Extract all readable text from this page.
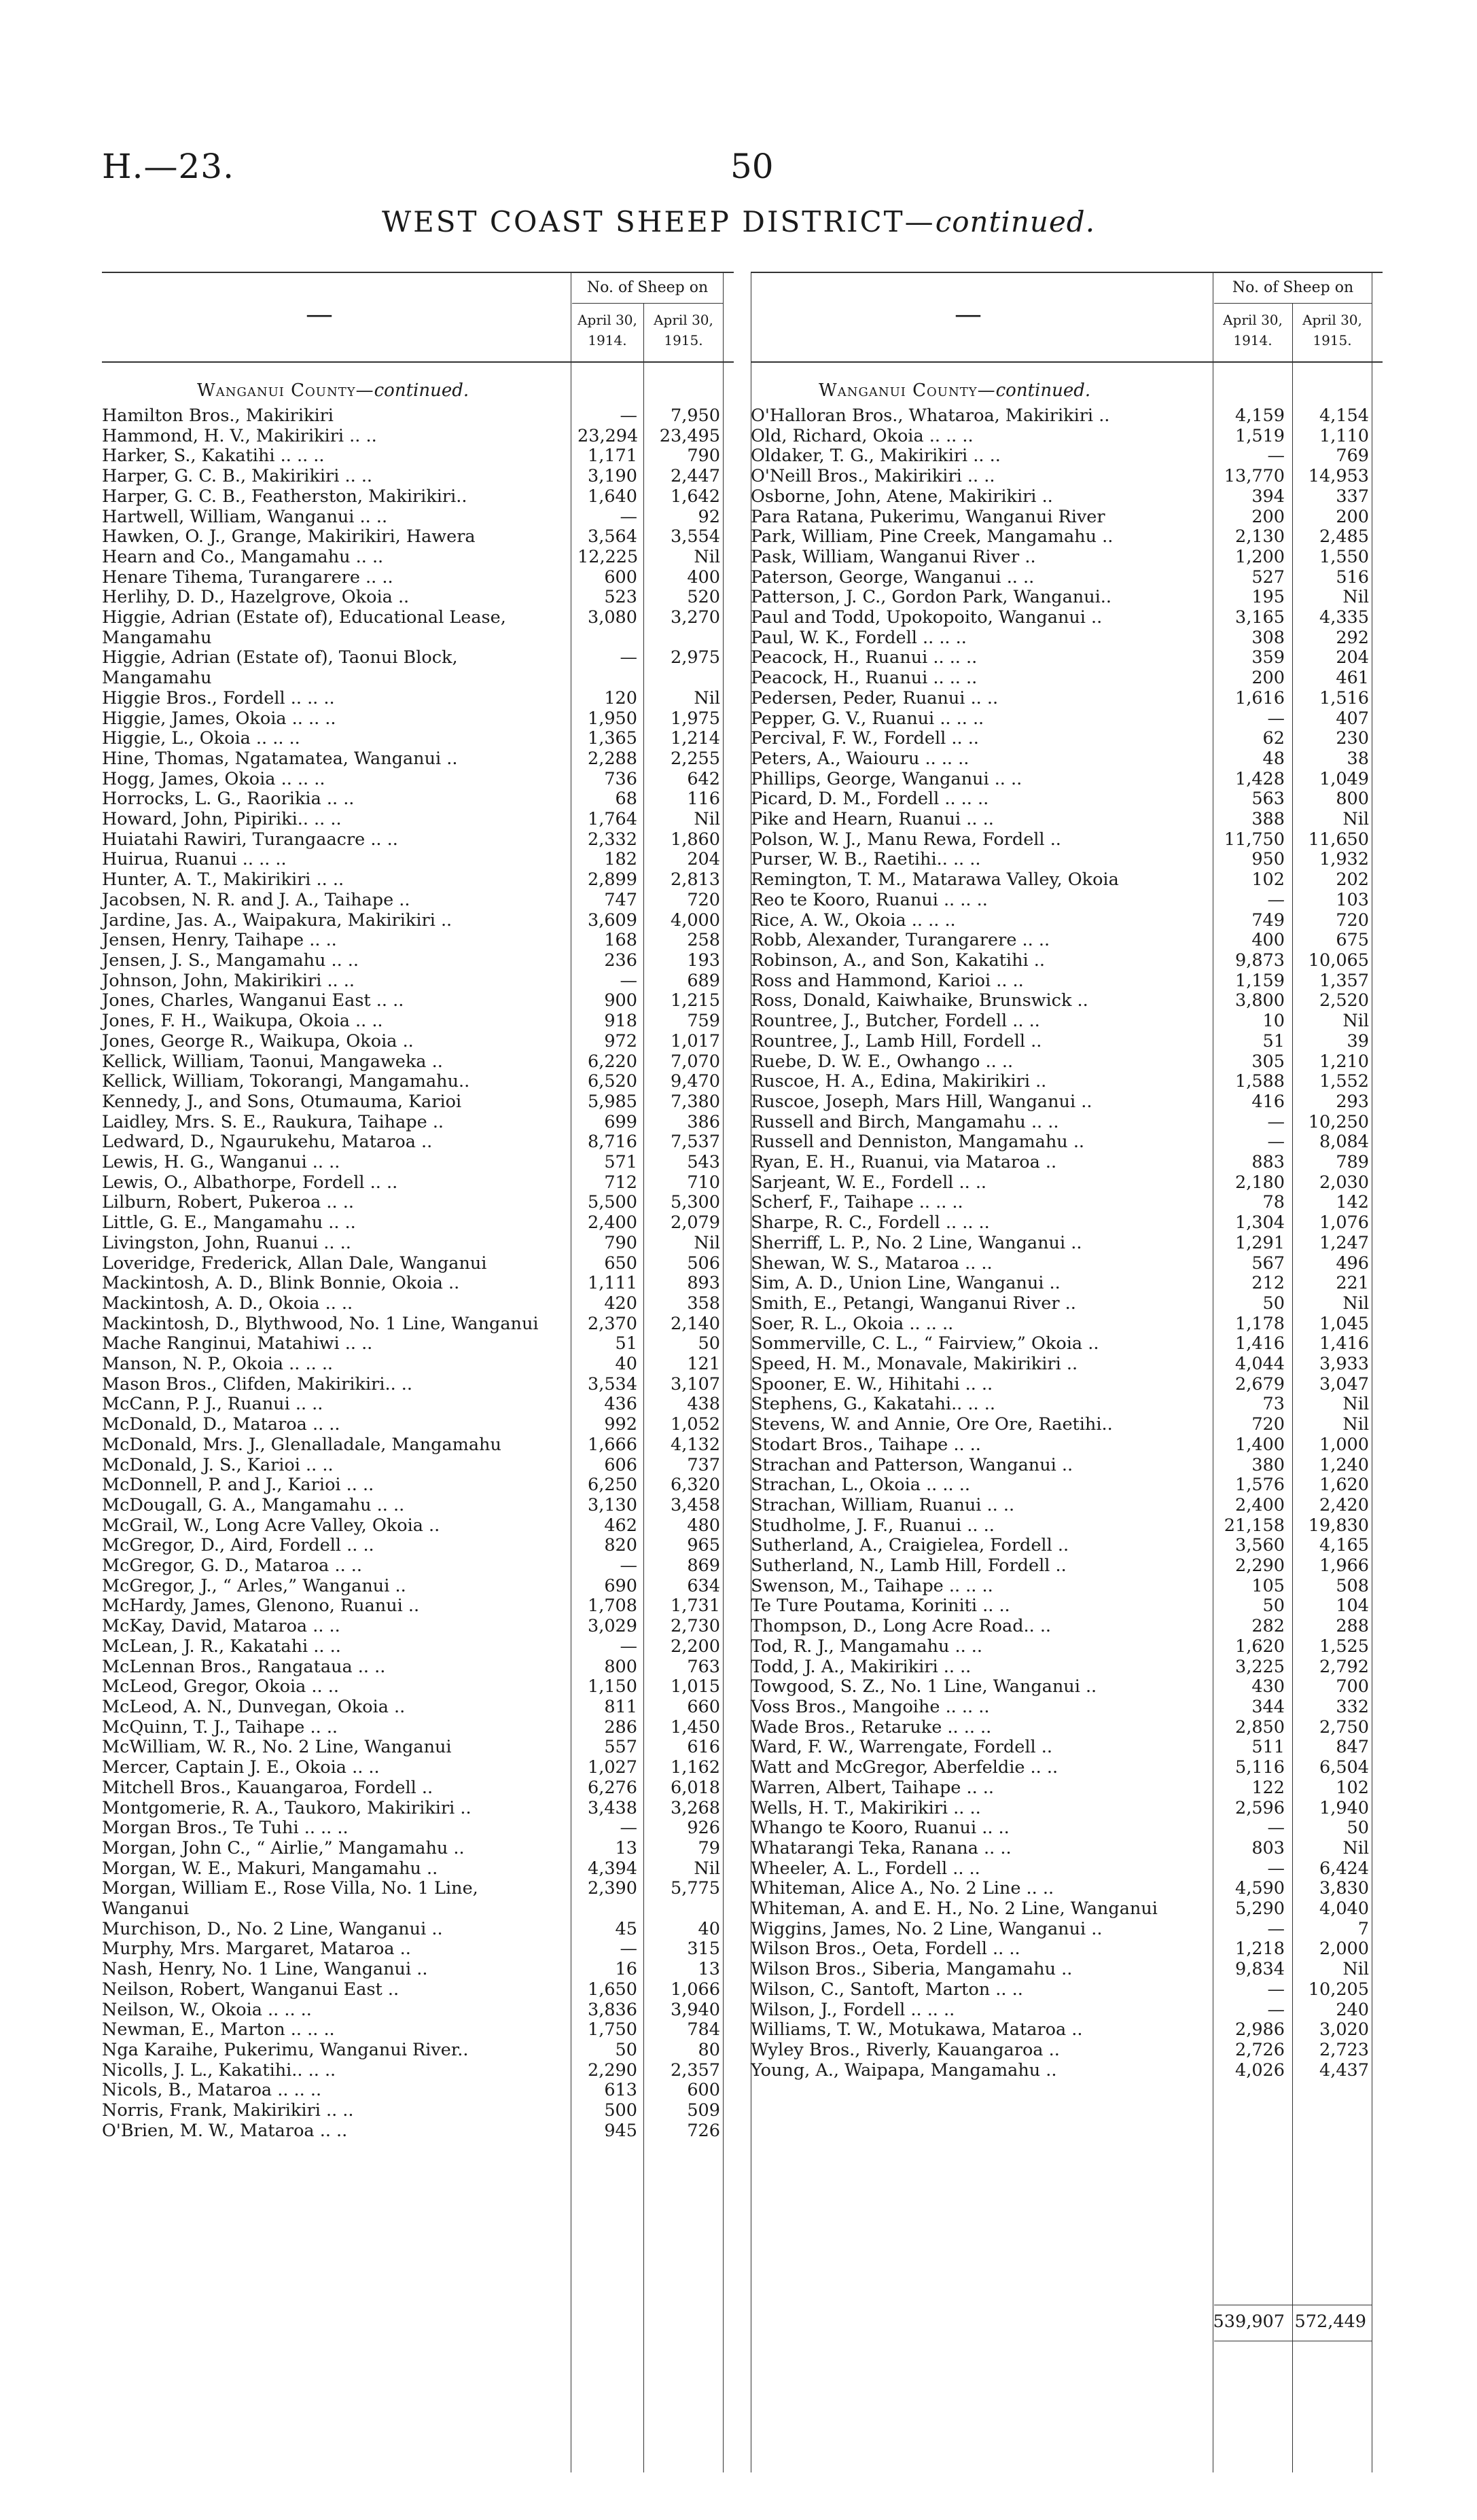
H.—23.	50
WEST COAST SHEEP DISTRICT—continued.
—
No. of Sheep on
April 30, 1914.
April 30, 1915.
Wanganui County—continued.
Hamilton Bros., Makirikiri	—	7,950
Hammond, H. V., Makirikiri .. ..	23,294	23,495
Harker, S., Kakatihi .. .. ..	1,171	790
Harper, G. C. B., Makirikiri .. ..	3,190	2,447
Harper, G. C. B., Featherston, Makirikiri..	1,640	1,642
Hartwell, William, Wanganui .. ..	—	92
Hawken, O. J., Grange, Makirikiri, Hawera	3,564	3,554
Hearn and Co., Mangamahu .. ..	12,225	Nil
Henare Tihema, Turangarere .. ..	600	400
Herlihy, D. D., Hazelgrove, Okoia ..	523	520
Higgie, Adrian (Estate of), Educational Lease, Mangamahu
3,080	3,270
Higgie, Adrian (Estate of), Taonui Block, Mangamahu
—	2,975
Higgie Bros., Fordell .. .. ..	120	Nil
Higgie, James, Okoia .. .. ..	1,950	1,975
Higgie, L., Okoia .. .. ..	1,365	1,214
Hine, Thomas, Ngatamatea, Wanganui ..	2,288	2,255
Hogg, James, Okoia .. .. ..	736	642
Horrocks, L. G., Raorikia .. ..	68	116
Howard, John, Pipiriki.. .. ..	1,764	Nil
Huiatahi Rawiri, Turangaacre .. ..	2,332	1,860
Huirua, Ruanui .. .. ..	182	204
Hunter, A. T., Makirikiri .. ..	2,899	2,813
Jacobsen, N. R. and J. A., Taihape ..	747	720
Jardine, Jas. A., Waipakura, Makirikiri ..	3,609	4,000
Jensen, Henry, Taihape .. ..	168	258
Jensen, J. S., Mangamahu .. ..	236	193
Johnson, John, Makirikiri .. ..	—	689
Jones, Charles, Wanganui East .. ..	900	1,215
Jones, F. H., Waikupa, Okoia .. ..	918	759
Jones, George R., Waikupa, Okoia ..	972	1,017
Kellick, William, Taonui, Mangaweka ..	6,220	7,070
Kellick, William, Tokorangi, Mangamahu..	6,520	9,470
Kennedy, J., and Sons, Otumauma, Karioi	5,985	7,380
Laidley, Mrs. S. E., Raukura, Taihape ..	699	386
Ledward, D., Ngaurukehu, Mataroa ..	8,716	7,537
Lewis, H. G., Wanganui .. ..	571	543
Lewis, O., Albathorpe, Fordell .. ..	712	710
Lilburn, Robert, Pukeroa .. ..	5,500	5,300
Little, G. E., Mangamahu .. ..	2,400	2,079
Livingston, John, Ruanui .. ..	790	Nil
Loveridge, Frederick, Allan Dale, Wanganui	650	506
Mackintosh, A. D., Blink Bonnie, Okoia ..	1,111	893
Mackintosh, A. D., Okoia .. ..	420	358
Mackintosh, D., Blythwood, No. 1 Line, Wanganui	2,370	2,140
Mache Ranginui, Matahiwi .. ..	51	50
Manson, N. P., Okoia .. .. ..	40	121
Mason Bros., Clifden, Makirikiri.. ..	3,534	3,107
McCann, P. J., Ruanui .. ..	436	438
McDonald, D., Mataroa .. ..	992	1,052
McDonald, Mrs. J., Glenalladale, Mangamahu	1,666	4,132
McDonald, J. S., Karioi .. ..	606	737
McDonnell, P. and J., Karioi .. ..	6,250	6,320
McDougall, G. A., Mangamahu .. ..	3,130	3,458
McGrail, W., Long Acre Valley, Okoia ..	462	480
McGregor, D., Aird, Fordell .. ..	820	965
McGregor, G. D., Mataroa .. ..	—	869
McGregor, J., “ Arles,” Wanganui ..	690	634
McHardy, James, Glenono, Ruanui ..	1,708	1,731
McKay, David, Mataroa .. ..	3,029	2,730
McLean, J. R., Kakatahi .. ..	—	2,200
McLennan Bros., Rangataua .. ..	800	763
McLeod, Gregor, Okoia .. ..	1,150	1,015
McLeod, A. N., Dunvegan, Okoia ..	811	660
McQuinn, T. J., Taihape .. ..	286	1,450
McWilliam, W. R., No. 2 Line, Wanganui	557	616
Mercer, Captain J. E., Okoia .. ..	1,027	1,162
Mitchell Bros., Kauangaroa, Fordell ..	6,276	6,018
Montgomerie, R. A., Taukoro, Makirikiri ..	3,438	3,268
Morgan Bros., Te Tuhi .. .. ..	—	926
Morgan, John C., “ Airlie,” Mangamahu ..	13	79
Morgan, W. E., Makuri, Mangamahu ..	4,394	Nil
Morgan, William E., Rose Villa, No. 1 Line, Wanganui
2,390	5,775
Murchison, D., No. 2 Line, Wanganui ..	45	40
Murphy, Mrs. Margaret, Mataroa ..	—	315
Nash, Henry, No. 1 Line, Wanganui ..	16	13
Neilson, Robert, Wanganui East ..	1,650	1,066
Neilson, W., Okoia .. .. ..	3,836	3,940
Newman, E., Marton .. .. ..	1,750	784
Nga Karaihe, Pukerimu, Wanganui River..	50	80
Nicolls, J. L., Kakatihi.. .. ..	2,290	2,357
Nicols, B., Mataroa .. .. ..	613	600
Norris, Frank, Makirikiri .. ..	500	509
O'Brien, M. W., Mataroa .. ..	945	726
—
No. of Sheep on
April 30, 1914.
April 30, 1915.
Wanganui County—continued.
O'Halloran Bros., Whataroa, Makirikiri ..	4,159	4,154
Old, Richard, Okoia .. .. ..	1,519	1,110
Oldaker, T. G., Makirikiri .. ..	—	769
O'Neill Bros., Makirikiri .. ..	13,770	14,953
Osborne, John, Atene, Makirikiri ..	394	337
Para Ratana, Pukerimu, Wanganui River	200	200
Park, William, Pine Creek, Mangamahu ..	2,130	2,485
Pask, William, Wanganui River ..	1,200	1,550
Paterson, George, Wanganui .. ..	527	516
Patterson, J. C., Gordon Park, Wanganui..	195	Nil
Paul and Todd, Upokopoito, Wanganui ..	3,165	4,335
Paul, W. K., Fordell .. .. ..	308	292
Peacock, H., Ruanui .. .. ..	359	204
Peacock, H., Ruanui .. .. ..	200	461
Pedersen, Peder, Ruanui .. ..	1,616	1,516
Pepper, G. V., Ruanui .. .. ..	—	407
Percival, F. W., Fordell .. ..	62	230
Peters, A., Waiouru .. .. ..	48	38
Phillips, George, Wanganui .. ..	1,428	1,049
Picard, D. M., Fordell .. .. ..	563	800
Pike and Hearn, Ruanui .. ..	388	Nil
Polson, W. J., Manu Rewa, Fordell ..	11,750	11,650
Purser, W. B., Raetihi.. .. ..	950	1,932
Remington, T. M., Matarawa Valley, Okoia	102	202
Reo te Kooro, Ruanui .. .. ..	—	103
Rice, A. W., Okoia .. .. ..	749	720
Robb, Alexander, Turangarere .. ..	400	675
Robinson, A., and Son, Kakatihi ..	9,873	10,065
Ross and Hammond, Karioi .. ..	1,159	1,357
Ross, Donald, Kaiwhaike, Brunswick ..	3,800	2,520
Rountree, J., Butcher, Fordell .. ..	10	Nil
Rountree, J., Lamb Hill, Fordell ..	51	39
Ruebe, D. W. E., Owhango .. ..	305	1,210
Ruscoe, H. A., Edina, Makirikiri ..	1,588	1,552
Ruscoe, Joseph, Mars Hill, Wanganui ..	416	293
Russell and Birch, Mangamahu .. ..	—	10,250
Russell and Denniston, Mangamahu ..	—	8,084
Ryan, E. H., Ruanui, via Mataroa ..	883	789
Sarjeant, W. E., Fordell .. ..	2,180	2,030
Scherf, F., Taihape .. .. ..	78	142
Sharpe, R. C., Fordell .. .. ..	1,304	1,076
Sherriff, L. P., No. 2 Line, Wanganui ..	1,291	1,247
Shewan, W. S., Mataroa .. ..	567	496
Sim, A. D., Union Line, Wanganui ..	212	221
Smith, E., Petangi, Wanganui River ..	50	Nil
Soer, R. L., Okoia .. .. ..	1,178	1,045
Sommerville, C. L., “ Fairview,” Okoia ..	1,416	1,416
Speed, H. M., Monavale, Makirikiri ..	4,044	3,933
Spooner, E. W., Hihitahi .. ..	2,679	3,047
Stephens, G., Kakatahi.. .. ..	73	Nil
Stevens, W. and Annie, Ore Ore, Raetihi..	720	Nil
Stodart Bros., Taihape .. ..	1,400	1,000
Strachan and Patterson, Wanganui ..	380	1,240
Strachan, L., Okoia .. .. ..	1,576	1,620
Strachan, William, Ruanui .. ..	2,400	2,420
Studholme, J. F., Ruanui .. ..	21,158	19,830
Sutherland, A., Craigielea, Fordell ..	3,560	4,165
Sutherland, N., Lamb Hill, Fordell ..	2,290	1,966
Swenson, M., Taihape .. .. ..	105	508
Te Ture Poutama, Koriniti .. ..	50	104
Thompson, D., Long Acre Road.. ..	282	288
Tod, R. J., Mangamahu .. ..	1,620	1,525
Todd, J. A., Makirikiri .. ..	3,225	2,792
Towgood, S. Z., No. 1 Line, Wanganui ..	430	700
Voss Bros., Mangoihe .. .. ..	344	332
Wade Bros., Retaruke .. .. ..	2,850	2,750
Ward, F. W., Warrengate, Fordell ..	511	847
Watt and McGregor, Aberfeldie .. ..	5,116	6,504
Warren, Albert, Taihape .. ..	122	102
Wells, H. T., Makirikiri .. ..	2,596	1,940
Whango te Kooro, Ruanui .. ..	—	50
Whatarangi Teka, Ranana .. ..	803	Nil
Wheeler, A. L., Fordell .. ..	—	6,424
Whiteman, Alice A., No. 2 Line .. ..	4,590	3,830
Whiteman, A. and E. H., No. 2 Line, Wanganui	5,290	4,040
Wiggins, James, No. 2 Line, Wanganui ..	—	7
Wilson Bros., Oeta, Fordell .. ..	1,218	2,000
Wilson Bros., Siberia, Mangamahu ..	9,834	Nil
Wilson, C., Santoft, Marton .. ..	—	10,205
Wilson, J., Fordell .. .. ..	—	240
Williams, T. W., Motukawa, Mataroa ..	2,986	3,020
Wyley Bros., Riverly, Kauangaroa ..	2,726	2,723
Young, A., Waipapa, Mangamahu ..	4,026	4,437
539,907 572,449
